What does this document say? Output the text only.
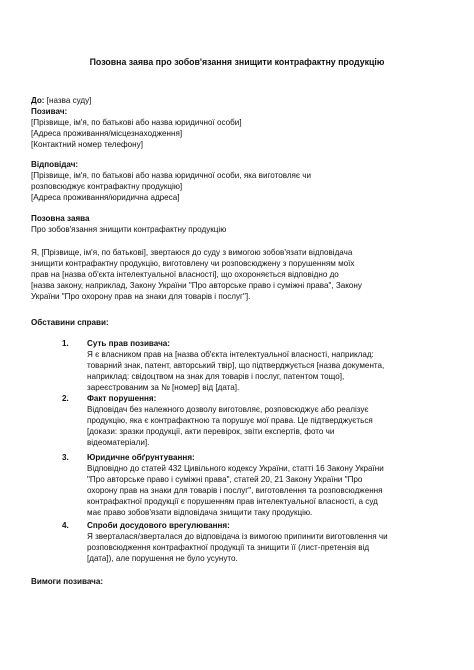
Позовна заява про зобов'язання знищити контрафактну продукцію
До: [назва суду]
Позивач:
[Прізвище, ім'я, по батькові або назва юридичної особи]
[Адреса проживання/місцезнаходження]
[Контактний номер телефону]
Відповідач:
[Прізвище, ім'я, по батькові або назва юридичної особи, яка виготовляє чи
розповсюджує контрафактну продукцію]
[Адреса проживання/юридична адреса]
Позовна заява
Про зобов'язання знищити контрафактну продукцію
Я, [Прізвище, ім'я, по батькові], звертаюся до суду з вимогою зобов'язати відповідача
знищити контрафактну продукцію, виготовлену чи розповсюджену з порушенням моїх
прав на [назва об'єкта інтелектуальної власності], що охороняється відповідно до
[назва закону, наприклад, Закону України "Про авторське право і суміжні права", Закону
України "Про охорону прав на знаки для товарів і послуг"].
Обставини справи:
1.	Суть прав позивача:
Я є власником прав на [назва об'єкта інтелектуальної власності, наприклад:
товарний знак, патент, авторський твір], що підтверджується [назва документа,
наприклад: свідоцтвом на знак для товарів і послуг, патентом тощо],
зареєстрованим за № [номер] від [дата].
2.	Факт порушення:
Відповідач без належного дозволу виготовляє, розповсюджує або реалізує
продукцію, яка є контрафактною та порушує мої права. Це підтверджується
[докази: зразки продукції, акти перевірок, звіти експертів, фото чи
відеоматеріали].
3.	Юридичне обґрунтування:
Відповідно до статей 432 Цивільного кодексу України, статті 16 Закону України
"Про авторське право і суміжні права", статей 20, 21 Закону України "Про
охорону прав на знаки для товарів і послуг", виготовлення та розповсюдження
контрафактної продукції є порушенням прав інтелектуальної власності, а суд
має право зобов'язати відповідача знищити таку продукцію.
4.	Спроби досудового врегулювання:
Я зверталася/зверталася до відповідача із вимогою припинити виготовлення чи
розповсюдження контрафактної продукції та знищити її (лист-претензія від
[дата]), але порушення не було усунуто.
Вимоги позивача:
